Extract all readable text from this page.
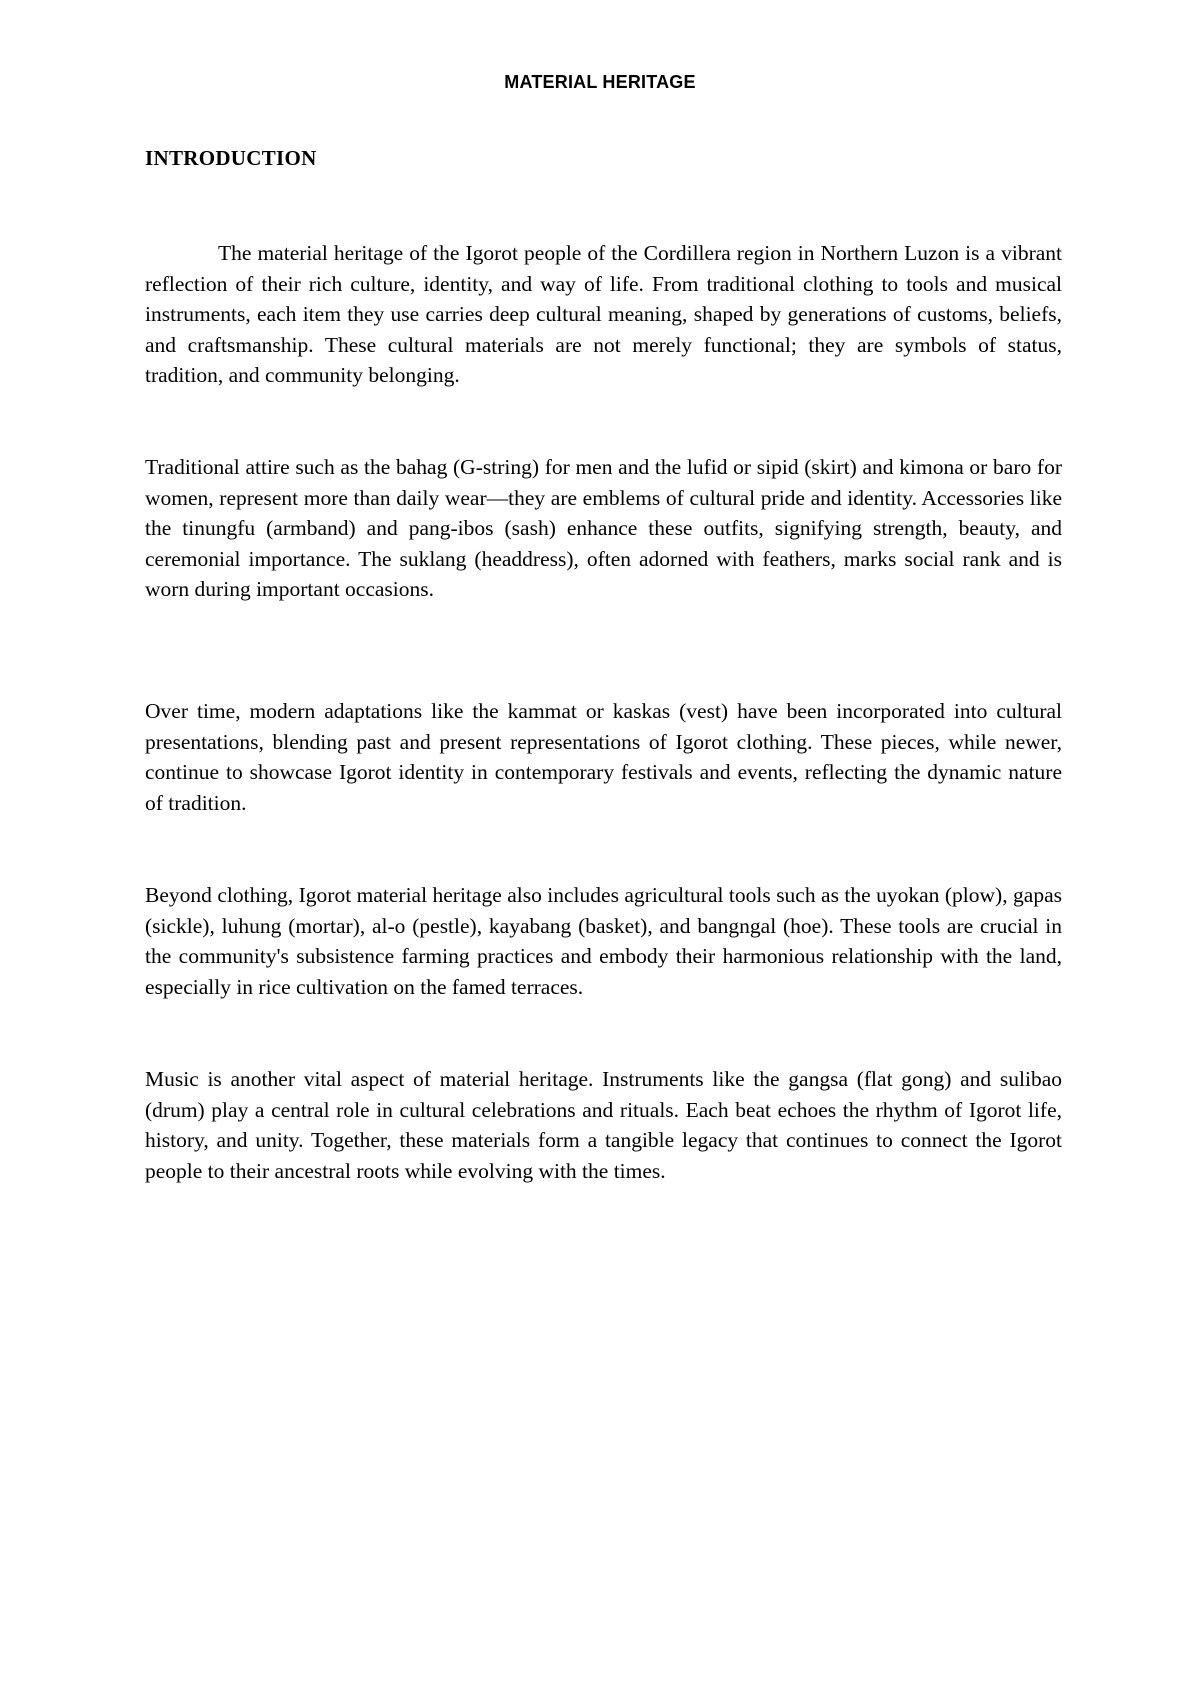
MATERIAL HERITAGE
INTRODUCTION

The material heritage of the Igorot people of the Cordillera region in Northern Luzon is a vibrant reflection of their rich culture, identity, and way of life. From traditional clothing to tools and musical instruments, each item they use carries deep cultural meaning, shaped by generations of customs, beliefs, and craftsmanship. These cultural materials are not merely functional; they are symbols of status, tradition, and community belonging.

Traditional attire such as the bahag (G-string) for men and the lufid or sipid (skirt) and kimona or baro for women, represent more than daily wear—they are emblems of cultural pride and identity. Accessories like the tinungfu (armband) and pang-ibos (sash) enhance these outfits, signifying strength, beauty, and ceremonial importance. The suklang (headdress), often adorned with feathers, marks social rank and is worn during important occasions.

Over time, modern adaptations like the kammat or kaskas (vest) have been incorporated into cultural presentations, blending past and present representations of Igorot clothing. These pieces, while newer, continue to showcase Igorot identity in contemporary festivals and events, reflecting the dynamic nature of tradition.

Beyond clothing, Igorot material heritage also includes agricultural tools such as the uyokan (plow), gapas (sickle), luhung (mortar), al-o (pestle), kayabang (basket), and bangngal (hoe). These tools are crucial in the community's subsistence farming practices and embody their harmonious relationship with the land, especially in rice cultivation on the famed terraces.

Music is another vital aspect of material heritage. Instruments like the gangsa (flat gong) and sulibao (drum) play a central role in cultural celebrations and rituals. Each beat echoes the rhythm of Igorot life, history, and unity. Together, these materials form a tangible legacy that continues to connect the Igorot people to their ancestral roots while evolving with the times.
